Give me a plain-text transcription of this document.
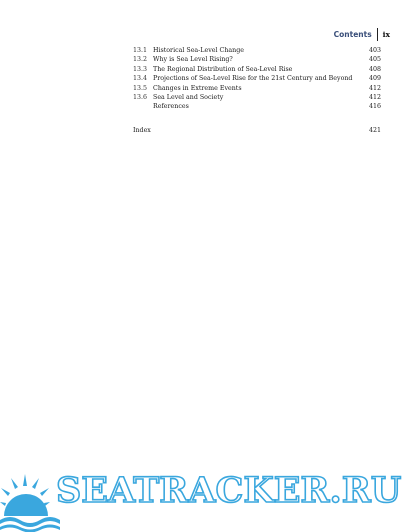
Contents ix
13.1 Historical Sea-Level Change	403
13.2 Why is Sea Level Rising?	405
13.3 The Regional Distribution of Sea-Level Rise	408
13.4 Projections of Sea-Level Rise for the 21st Century and Beyond	409
13.5 Changes in Extreme Events	412
13.6 Sea Level and Society	412
References	416
Index	421
SEATRACKER.RU
